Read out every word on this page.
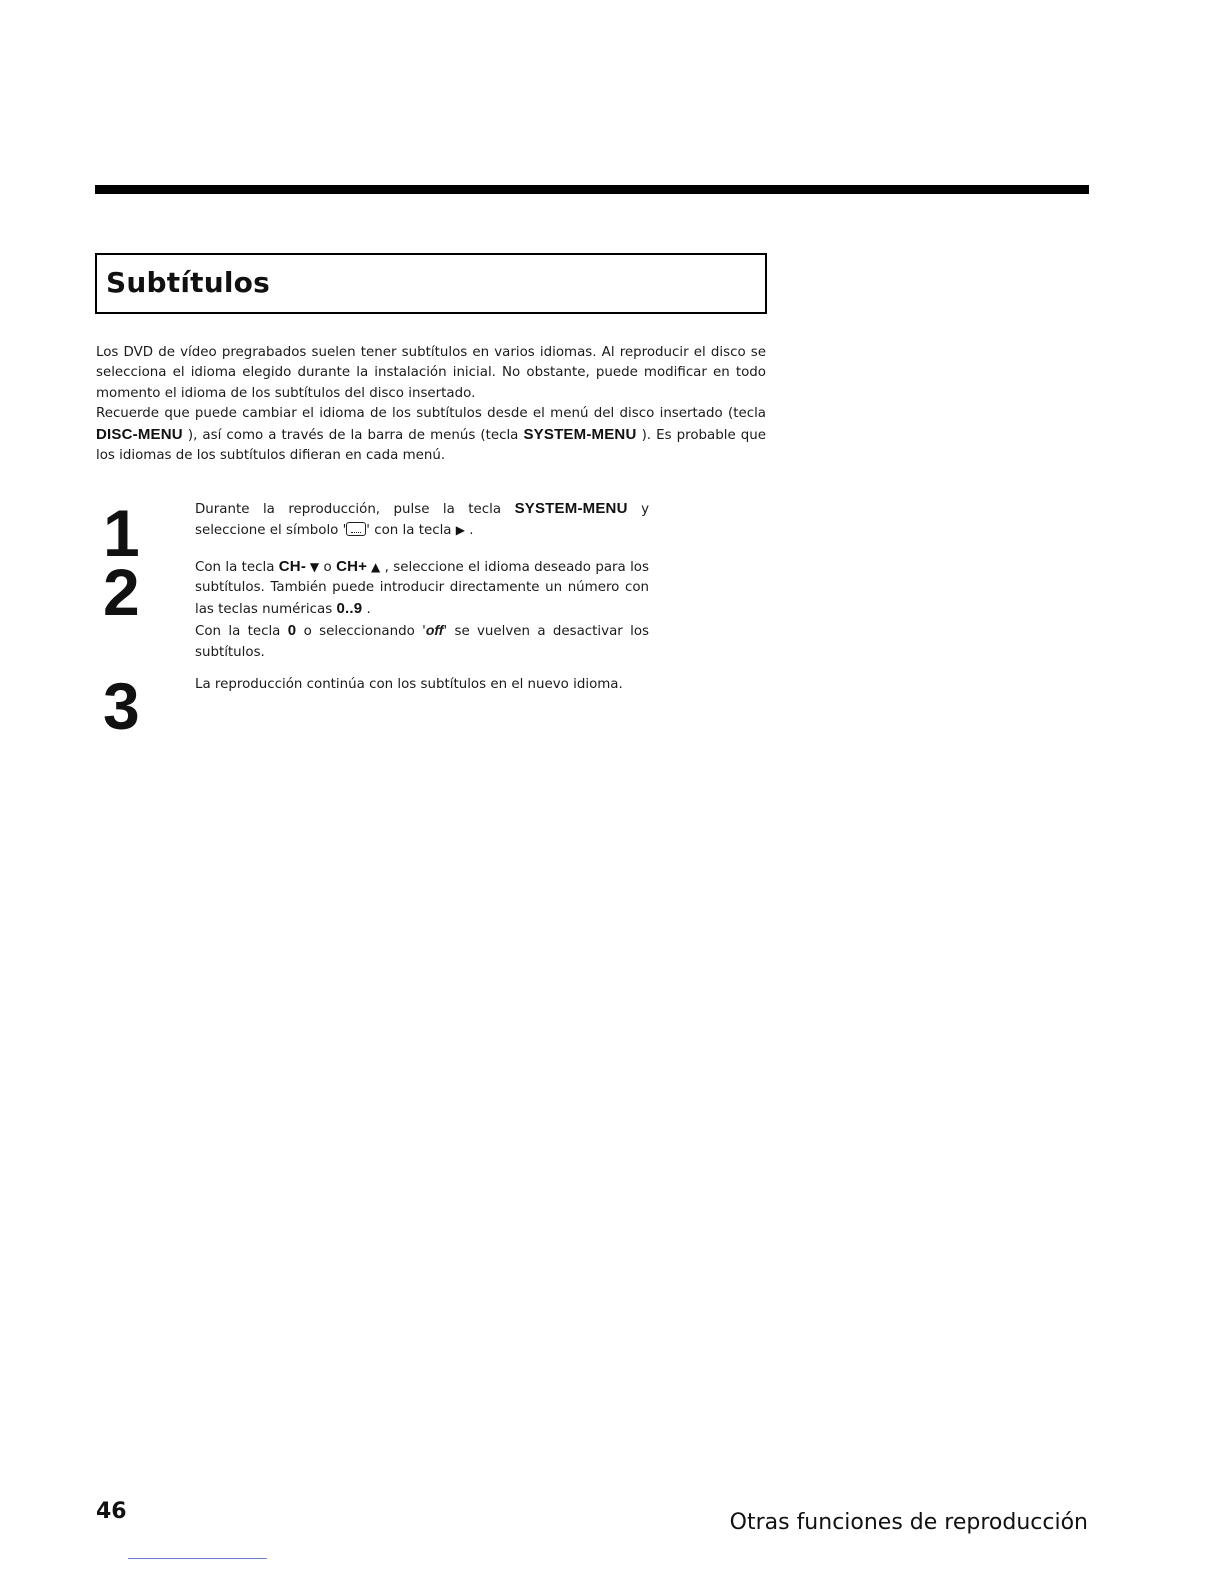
Subtítulos

Los DVD de vídeo pregrabados suelen tener subtítulos en varios idiomas. Al reproducir el disco se selecciona el idioma elegido durante la instalación inicial. No obstante, puede modificar en todo momento el idioma de los subtítulos del disco insertado.

Recuerde que puede cambiar el idioma de los subtítulos desde el menú del disco insertado (tecla DISC-MENU ), así como a través de la barra de menús (tecla SYSTEM-MENU ). Es probable que los idiomas de los subtítulos difieran en cada menú.

1	Durante la reproducción, pulse la tecla SYSTEM-MENU y seleccione el símbolo ' ' con la tecla ▶ .

2	Con la tecla CH- ▼ o CH+ ▲ , seleccione el idioma deseado para los subtítulos. También puede introducir directamente un número con las teclas numéricas 0..9 .

Con la tecla 0 o seleccionando 'off' se vuelven a desactivar los subtítulos.

3	La reproducción continúa con los subtítulos en el nuevo idioma.

46	Otras funciones de reproducción
